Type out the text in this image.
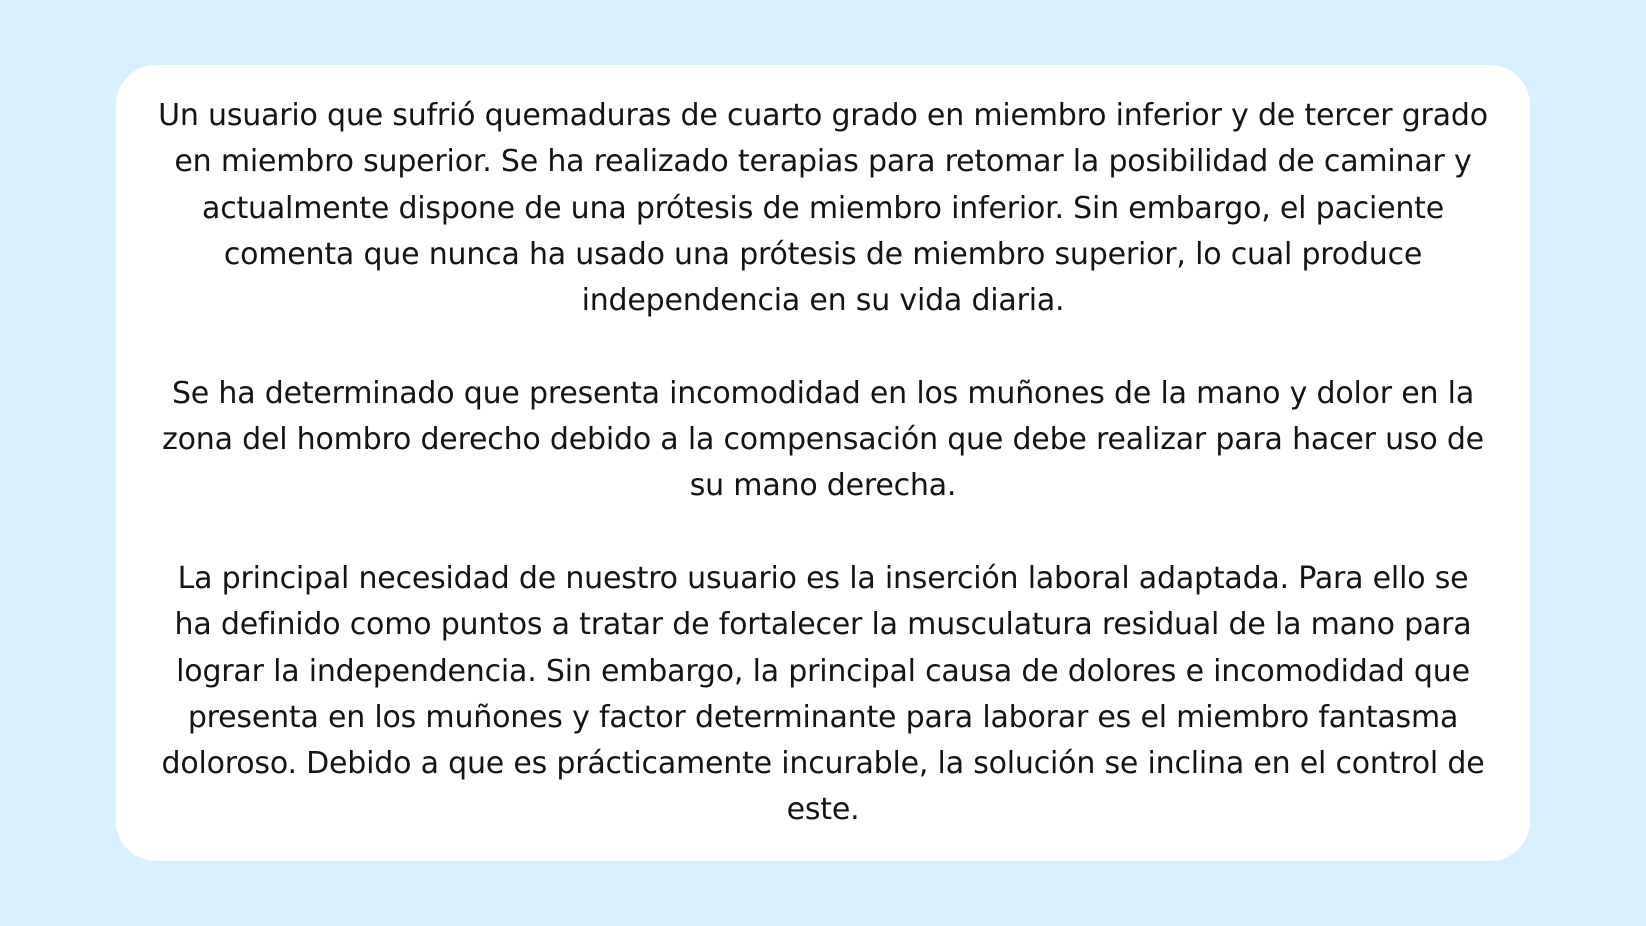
Un usuario que sufrió quemaduras de cuarto grado en miembro inferior y de tercer grado en miembro superior. Se ha realizado terapias para retomar la posibilidad de caminar y actualmente dispone de una prótesis de miembro inferior. Sin embargo, el paciente comenta que nunca ha usado una prótesis de miembro superior, lo cual produce independencia en su vida diaria.

Se ha determinado que presenta incomodidad en los muñones de la mano y dolor en la zona del hombro derecho debido a la compensación que debe realizar para hacer uso de su mano derecha.

La principal necesidad de nuestro usuario es la inserción laboral adaptada. Para ello se ha definido como puntos a tratar de fortalecer la musculatura residual de la mano para lograr la independencia. Sin embargo, la principal causa de dolores e incomodidad que presenta en los muñones y factor determinante para laborar es el miembro fantasma doloroso. Debido a que es prácticamente incurable, la solución se inclina en el control de este.
